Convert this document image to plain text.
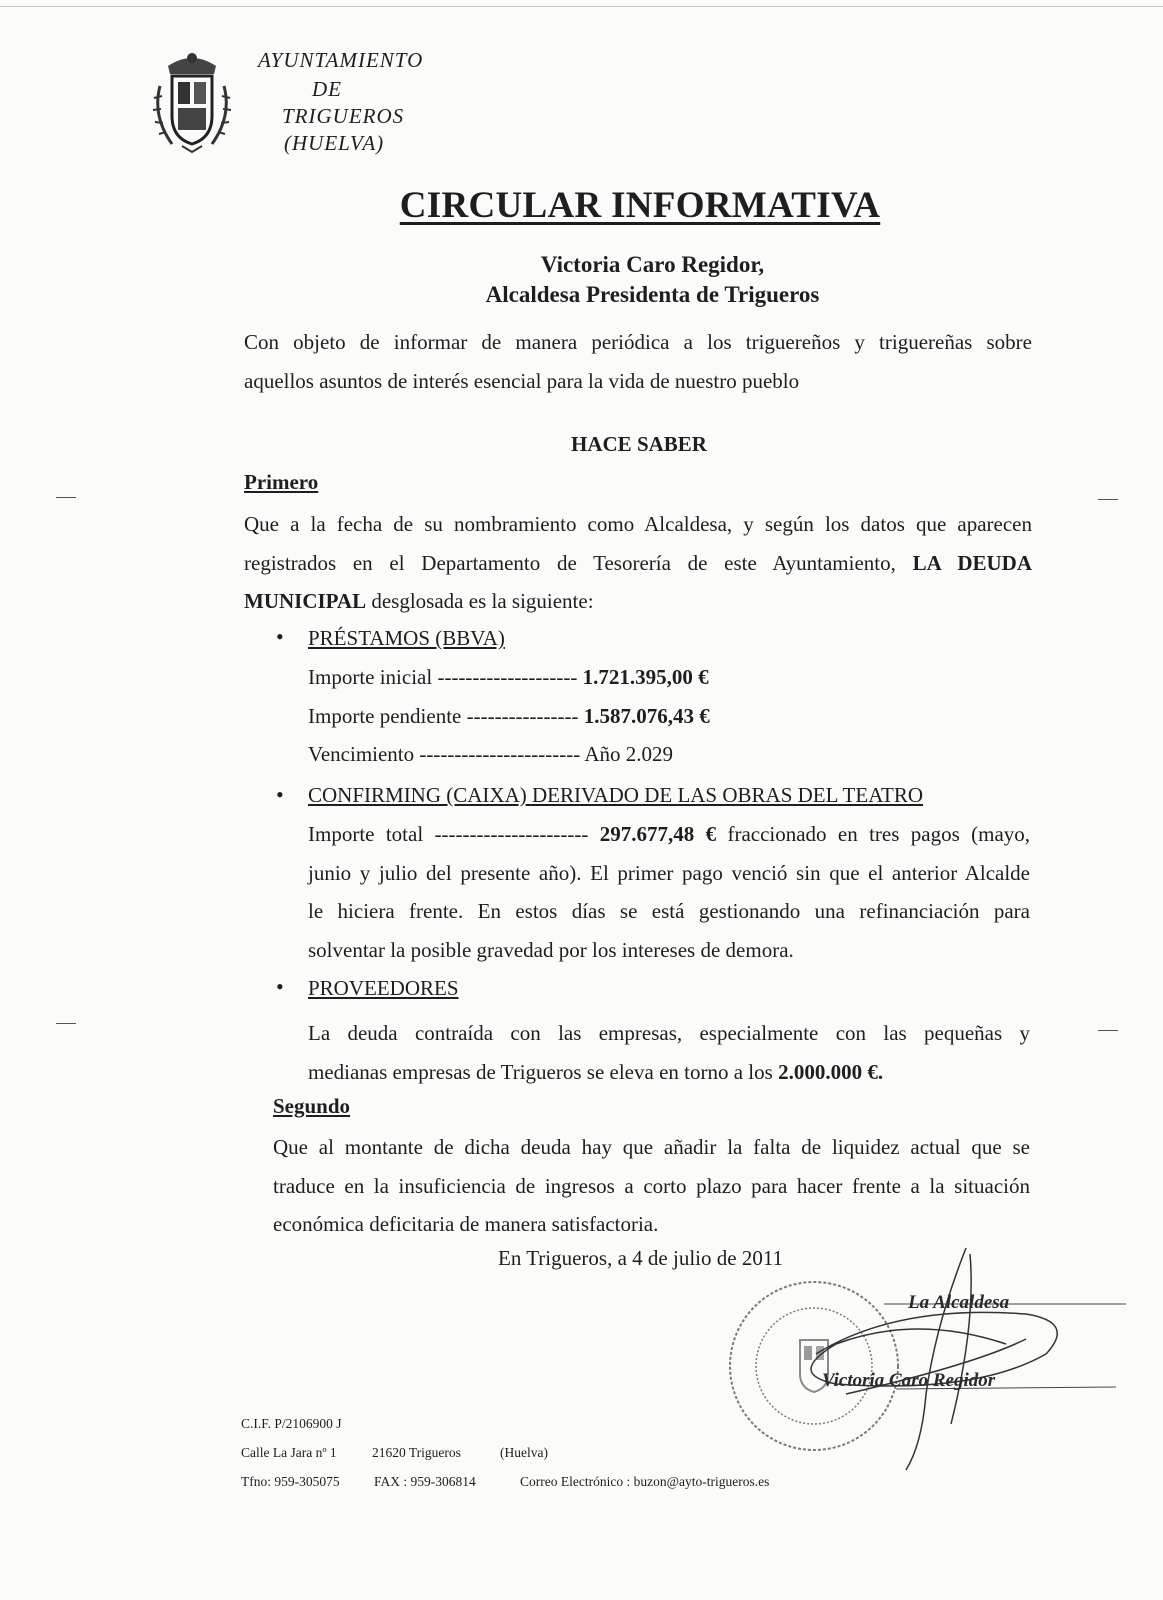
AYUNTAMIENTO
DE
TRIGUEROS
(HUELVA)
CIRCULAR INFORMATIVA
Victoria Caro Regidor,
Alcaldesa Presidenta de Trigueros
Con objeto de informar de manera periódica a los triguereños y triguereñas sobre
aquellos asuntos de interés esencial para la vida de nuestro pueblo
HACE SABER
Primero
Que a la fecha de su nombramiento como Alcaldesa, y según los datos que aparecen
registrados en el Departamento de Tesorería de este Ayuntamiento, LA DEUDA
MUNICIPAL desglosada es la siguiente:
• PRÉSTAMOS (BBVA)
Importe inicial -------------------- 1.721.395,00 €
Importe pendiente ---------------- 1.587.076,43 €
Vencimiento ----------------------- Año 2.029
• CONFIRMING (CAIXA) DERIVADO DE LAS OBRAS DEL TEATRO
Importe total ---------------------- 297.677,48 € fraccionado en tres pagos (mayo,
junio y julio del presente año). El primer pago venció sin que el anterior Alcalde
le hiciera frente. En estos días se está gestionando una refinanciación para
solventar la posible gravedad por los intereses de demora.
• PROVEEDORES
La deuda contraída con las empresas, especialmente con las pequeñas y
medianas empresas de Trigueros se eleva en torno a los 2.000.000 €.
Segundo
Que al montante de dicha deuda hay que añadir la falta de liquidez actual que se
traduce en la insuficiencia de ingresos a corto plazo para hacer frente a la situación
económica deficitaria de manera satisfactoria.
En Trigueros, a 4 de julio de 2011
La Alcaldesa
Victoria Caro Regidor
C.I.F. P/2106900 J
Calle La Jara nº 1	21620 Trigueros	(Huelva)
Tfno: 959-305075	FAX : 959-306814	Correo Electrónico : buzon@ayto-trigueros.es
